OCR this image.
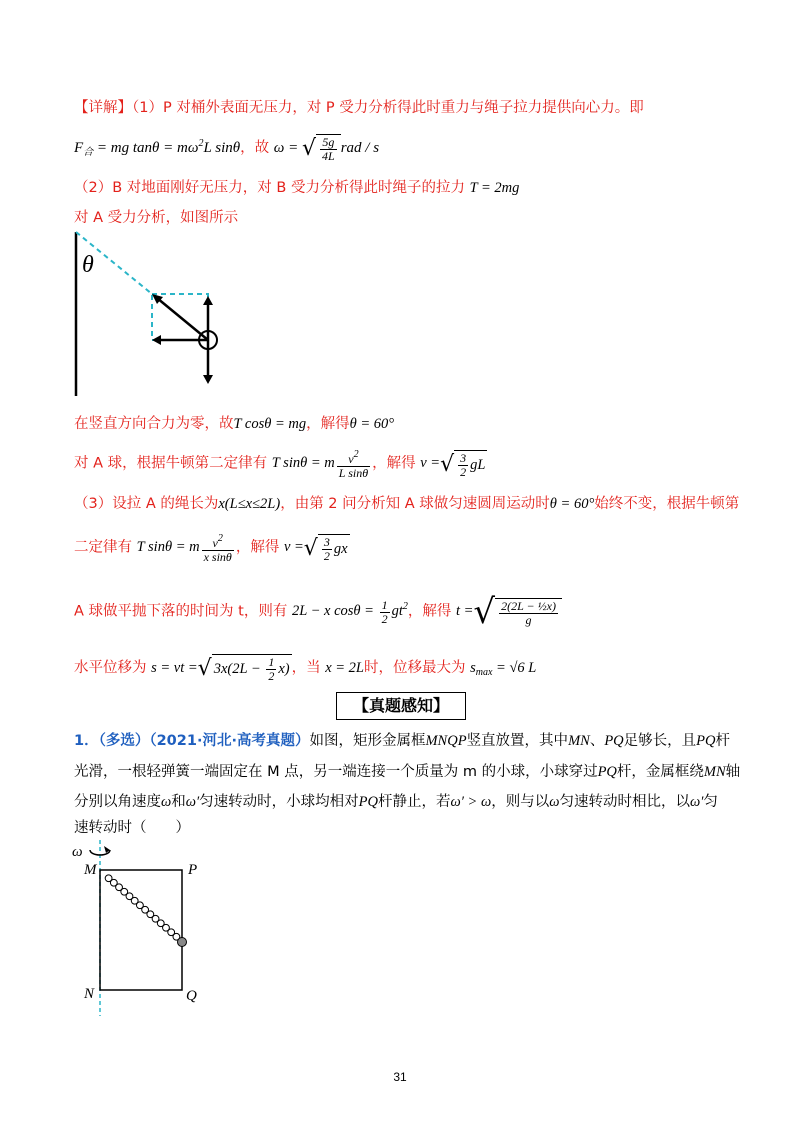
【详解】（1）P 对桶外表面无压力，对 P 受力分析得此时重力与绳子拉力提供向心力。即
$F_合$ = mg $\tan\theta = m\omega^2L$ sinθ，故 ω = √ $\frac{5g}{4L}$ rad / s
（2）B 对地面刚好无压力，对 B 受力分析得此时绳子的拉力 T = 2mg
对 A 受力分析，如图所示
θ
在竖直方向合力为零，故T cosθ = mg，解得θ = 60°
对 A 球，根据牛顿第二定律有 T sinθ = m $\frac{v^2}{\text{L sinθ}}$ ，解得 v =√ $\frac{3}{2}$ gL
（3）设拉 A 的绳长为x(L≤x≤2L)，由第 2 问分析知 A 球做匀速圆周运动时θ = 60°始终不变，根据牛顿第
二定律有 T sinθ = m $\frac{v^2}{\text{x sinθ}}$ ，解得 v =√ $\frac{3}{2}$ gx
A 球做平抛下落的时间为 t，则有 2L − x $\cos\theta = \frac{1}{2} gt^2$，解得 t =√ $\frac{\text{2(2L − ½x)}}{g}$
水平位移为 s = vt =√ $3x(2L - \frac{1}{2} x)$ ，当 x = 2L时，位移最大为 $s_{max} = √6$ L
【真题感知】
1．（多选）（2021·河北·高考真题）如图，矩形金属框MNQP竖直放置，其中MN、PQ足够长，且PQ杆
光滑，一根轻弹簧一端固定在 M 点，另一端连接一个质量为 m 的小球，小球穿过PQ杆，金属框绕MN轴
分别以角速度ω和ω′匀速转动时，小球均相对PQ杆静止，若ω′ > ω，则与以ω匀速转动时相比，以ω′匀
速转动时（　　）
ω
M	P
N	Q
31
